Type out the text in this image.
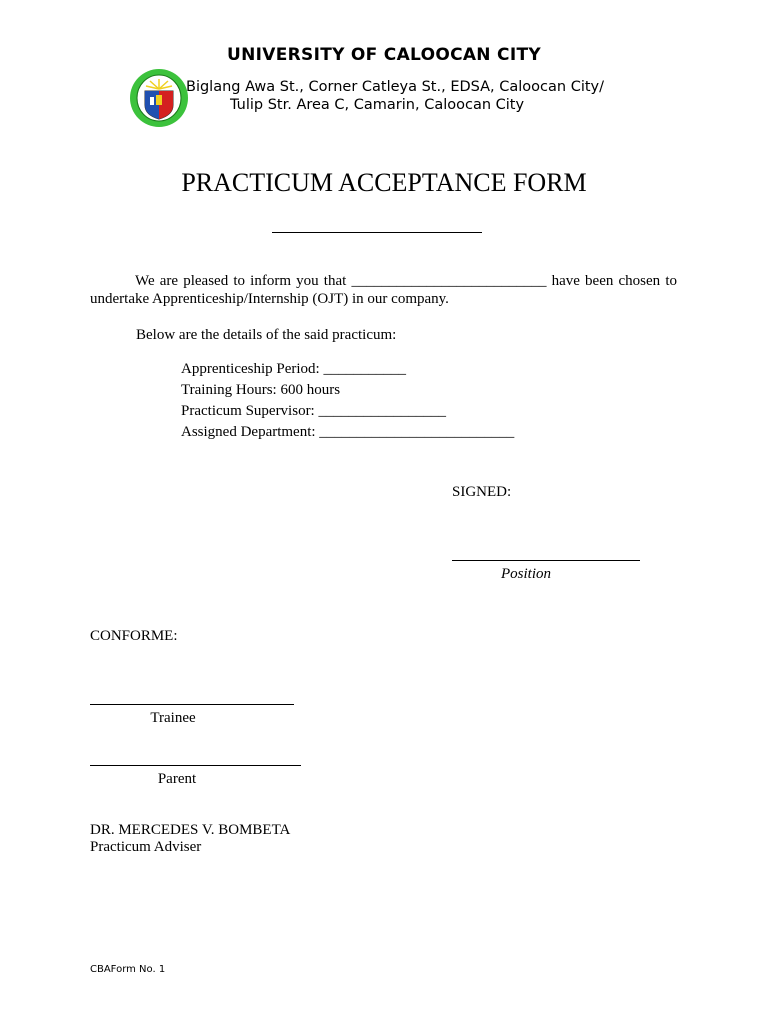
UNIVERSITY OF CALOOCAN CITY
Biglang Awa St., Corner Catleya St., EDSA, Caloocan City/
Tulip Str. Area C, Camarin, Caloocan City
PRACTICUM ACCEPTANCE FORM
We are pleased to inform you that __________________________ have been chosen to undertake Apprenticeship/Internship (OJT) in our company.
Below are the details of the said practicum:
Apprenticeship Period: ___________
Training Hours: 600 hours
Practicum Supervisor: _________________
Assigned Department: __________________________
SIGNED:
Position
CONFORME:
Trainee
Parent
DR. MERCEDES V. BOMBETA
Practicum Adviser
CBAForm No. 1
